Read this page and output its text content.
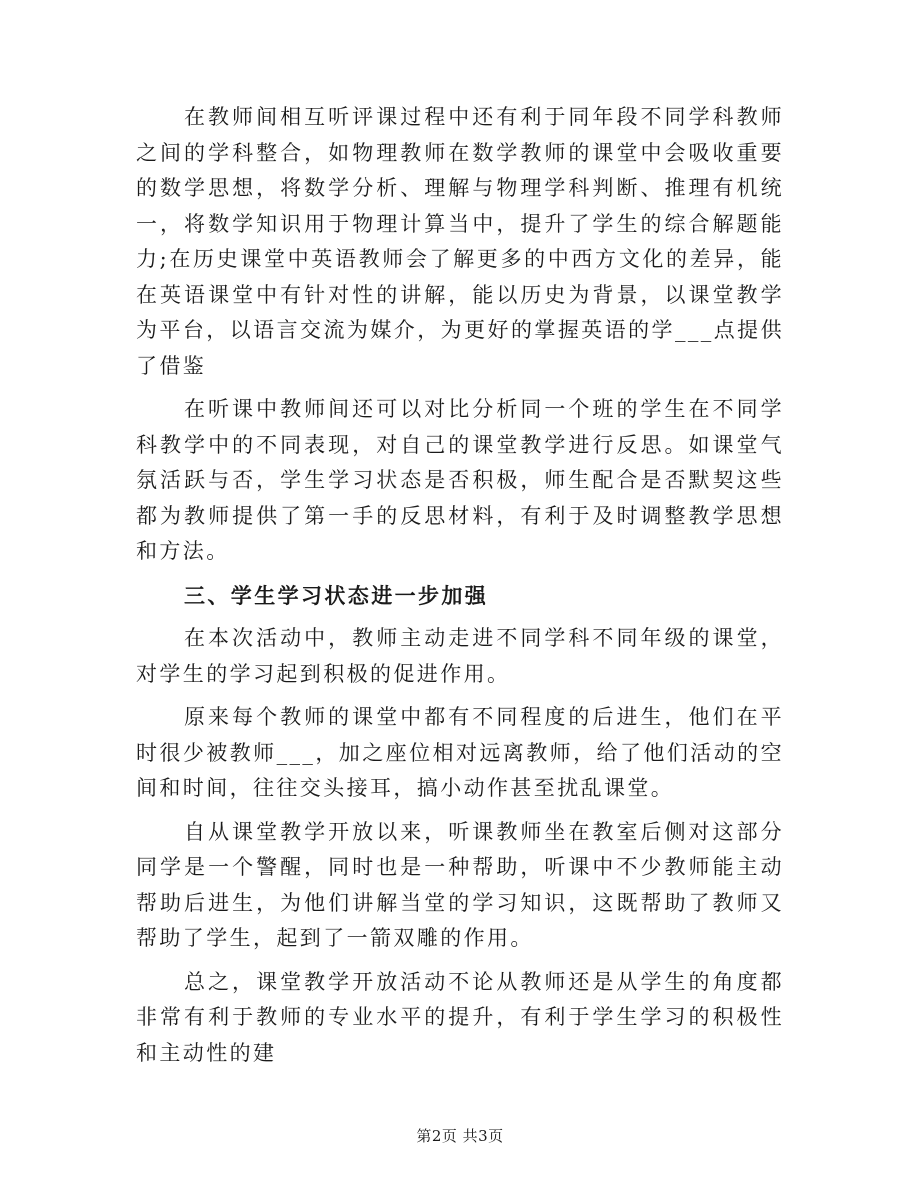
在教师间相互听评课过程中还有利于同年段不同学科教师之间的学科整合，如物理教师在数学教师的课堂中会吸收重要的数学思想，将数学分析、理解与物理学科判断、推理有机统一，将数学知识用于物理计算当中，提升了学生的综合解题能力;在历史课堂中英语教师会了解更多的中西方文化的差异，能在英语课堂中有针对性的讲解，能以历史为背景，以课堂教学为平台，以语言交流为媒介，为更好的掌握英语的学___点提供了借鉴

在听课中教师间还可以对比分析同一个班的学生在不同学科教学中的不同表现，对自己的课堂教学进行反思。如课堂气氛活跃与否，学生学习状态是否积极，师生配合是否默契这些都为教师提供了第一手的反思材料，有利于及时调整教学思想和方法。

三、学生学习状态进一步加强

在本次活动中，教师主动走进不同学科不同年级的课堂，对学生的学习起到积极的促进作用。

原来每个教师的课堂中都有不同程度的后进生，他们在平时很少被教师___，加之座位相对远离教师，给了他们活动的空间和时间，往往交头接耳，搞小动作甚至扰乱课堂。

自从课堂教学开放以来，听课教师坐在教室后侧对这部分同学是一个警醒，同时也是一种帮助，听课中不少教师能主动帮助后进生，为他们讲解当堂的学习知识，这既帮助了教师又帮助了学生，起到了一箭双雕的作用。

总之，课堂教学开放活动不论从教师还是从学生的角度都非常有利于教师的专业水平的提升，有利于学生学习的积极性和主动性的建

第2页 共3页
